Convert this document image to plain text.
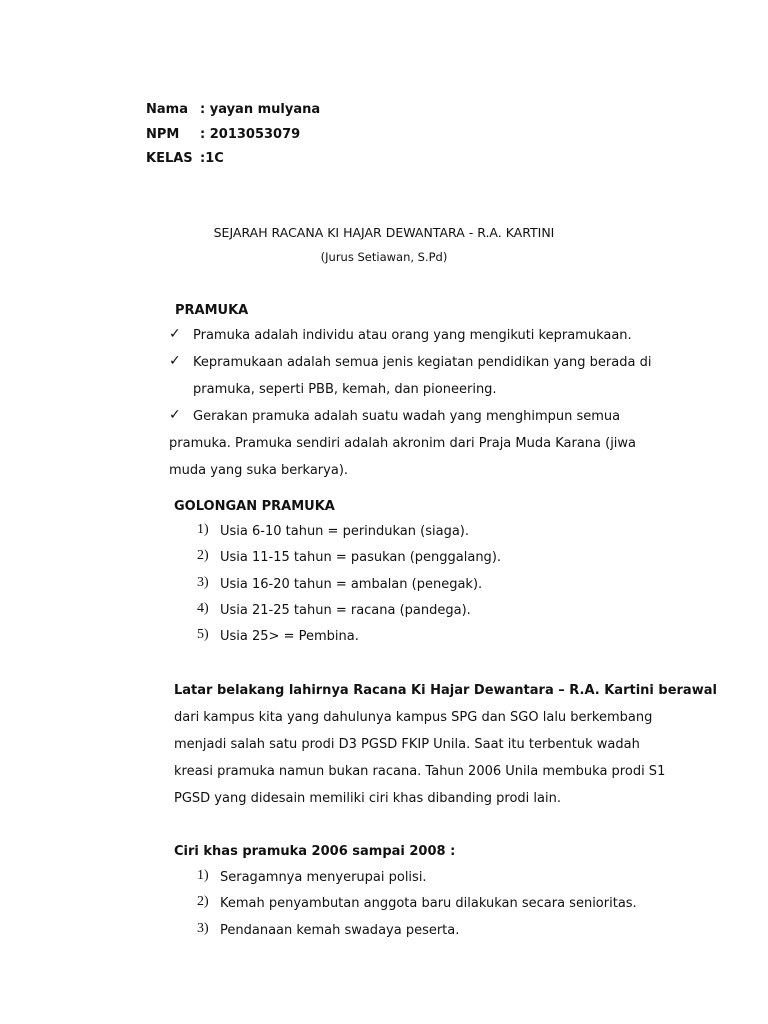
Nama : yayan mulyana
NPM : 2013053079
KELAS :1C
SEJARAH RACANA KI HAJAR DEWANTARA - R.A. KARTINI
(Jurus Setiawan, S.Pd)
PRAMUKA
✓ Pramuka adalah individu atau orang yang mengikuti kepramukaan.
✓ Kepramukaan adalah semua jenis kegiatan pendidikan yang berada di
pramuka, seperti PBB, kemah, dan pioneering.
✓ Gerakan pramuka adalah suatu wadah yang menghimpun semua
pramuka. Pramuka sendiri adalah akronim dari Praja Muda Karana (jiwa
muda yang suka berkarya).
GOLONGAN PRAMUKA
1) Usia 6-10 tahun = perindukan (siaga).
2) Usia 11-15 tahun = pasukan (penggalang).
3) Usia 16-20 tahun = ambalan (penegak).
4) Usia 21-25 tahun = racana (pandega).
5) Usia 25> = Pembina.
Latar belakang lahirnya Racana Ki Hajar Dewantara – R.A. Kartini berawal
dari kampus kita yang dahulunya kampus SPG dan SGO lalu berkembang
menjadi salah satu prodi D3 PGSD FKIP Unila. Saat itu terbentuk wadah
kreasi pramuka namun bukan racana. Tahun 2006 Unila membuka prodi S1
PGSD yang didesain memiliki ciri khas dibanding prodi lain.
Ciri khas pramuka 2006 sampai 2008 :
1) Seragamnya menyerupai polisi.
2) Kemah penyambutan anggota baru dilakukan secara senioritas.
3) Pendanaan kemah swadaya peserta.
